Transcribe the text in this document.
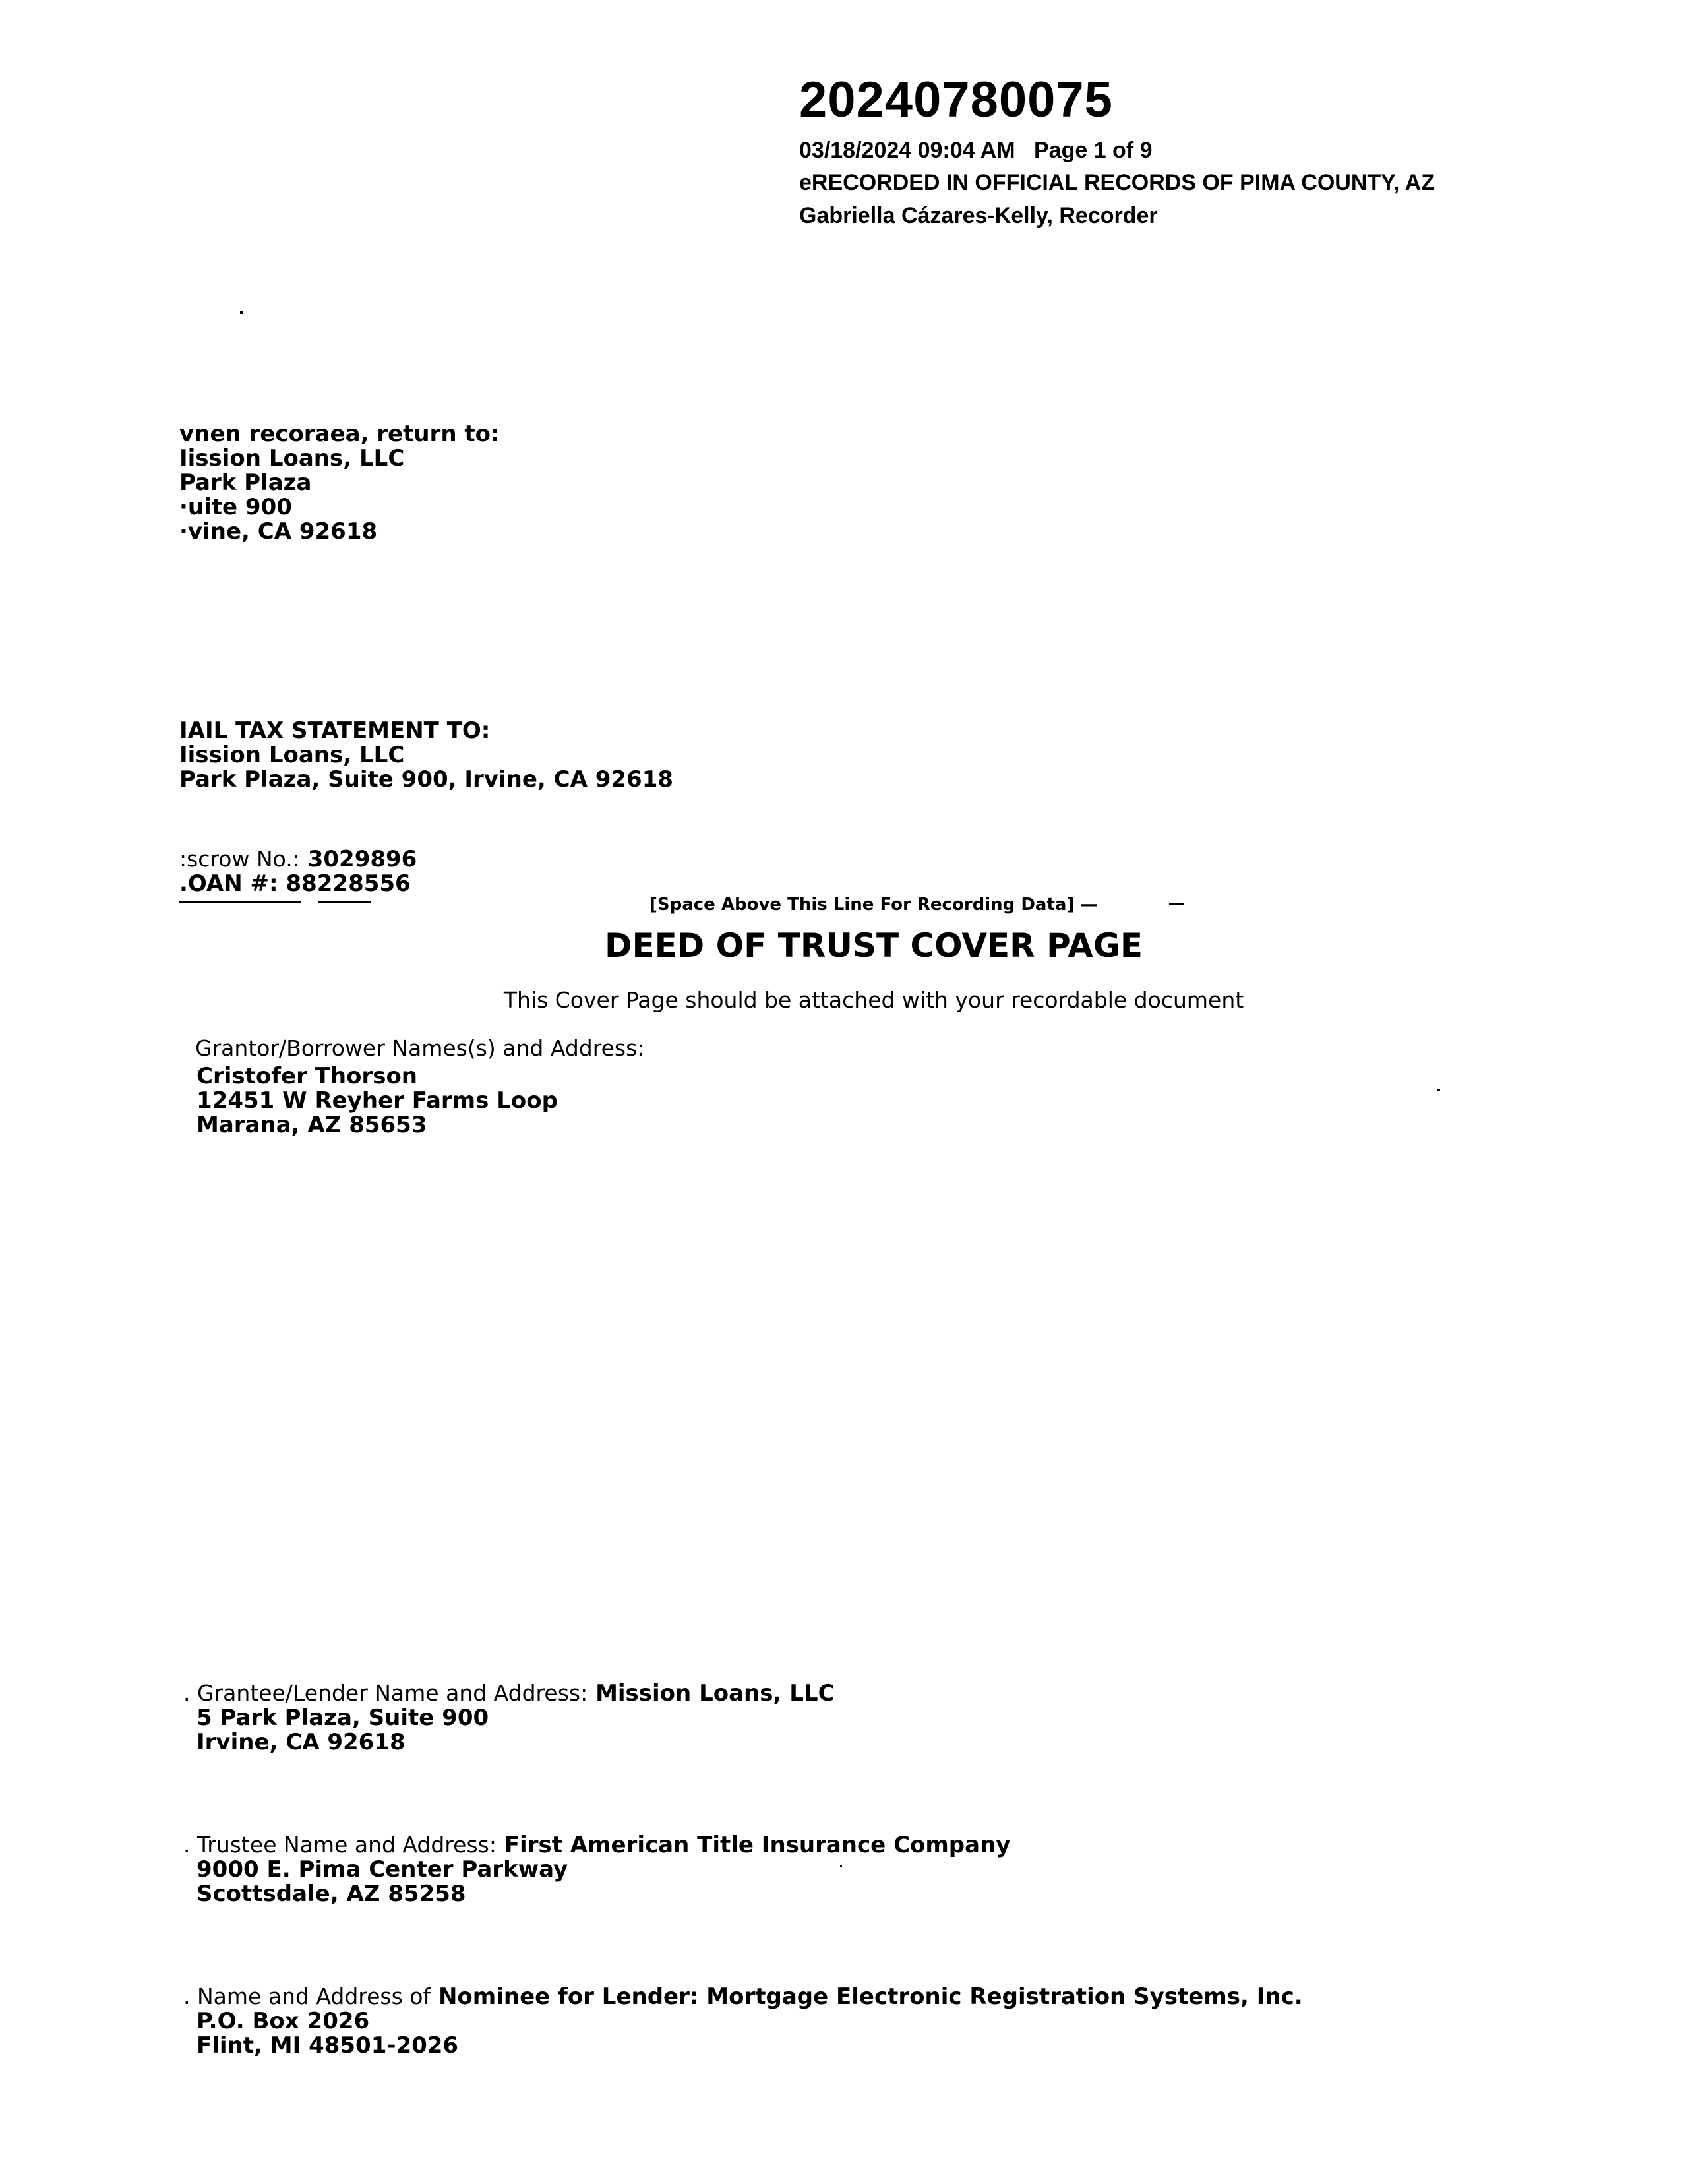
20240780075
03/18/2024 09:04 AM Page 1 of 9
eRECORDED IN OFFICIAL RECORDS OF PIMA COUNTY, AZ
Gabriella Cázares-Kelly, Recorder
vnen recoraea, return to:
Iission Loans, LLC
Park Plaza
·uite 900
·vine, CA 92618
IAIL TAX STATEMENT TO:
Iission Loans, LLC
Park Plaza, Suite 900, Irvine, CA 92618
:scrow No.: 3029896
.OAN #: 88228556
[Space Above This Line For Recording Data] —
DEED OF TRUST COVER PAGE
This Cover Page should be attached with your recordable document
Grantor/Borrower Names(s) and Address:
Cristofer Thorson
12451 W Reyher Farms Loop
Marana, AZ 85653
. Grantee/Lender Name and Address: Mission Loans, LLC
5 Park Plaza, Suite 900
Irvine, CA 92618
. Trustee Name and Address: First American Title Insurance Company
9000 E. Pima Center Parkway
Scottsdale, AZ 85258
. Name and Address of Nominee for Lender: Mortgage Electronic Registration Systems, Inc.
P.O. Box 2026
Flint, MI 48501-2026
